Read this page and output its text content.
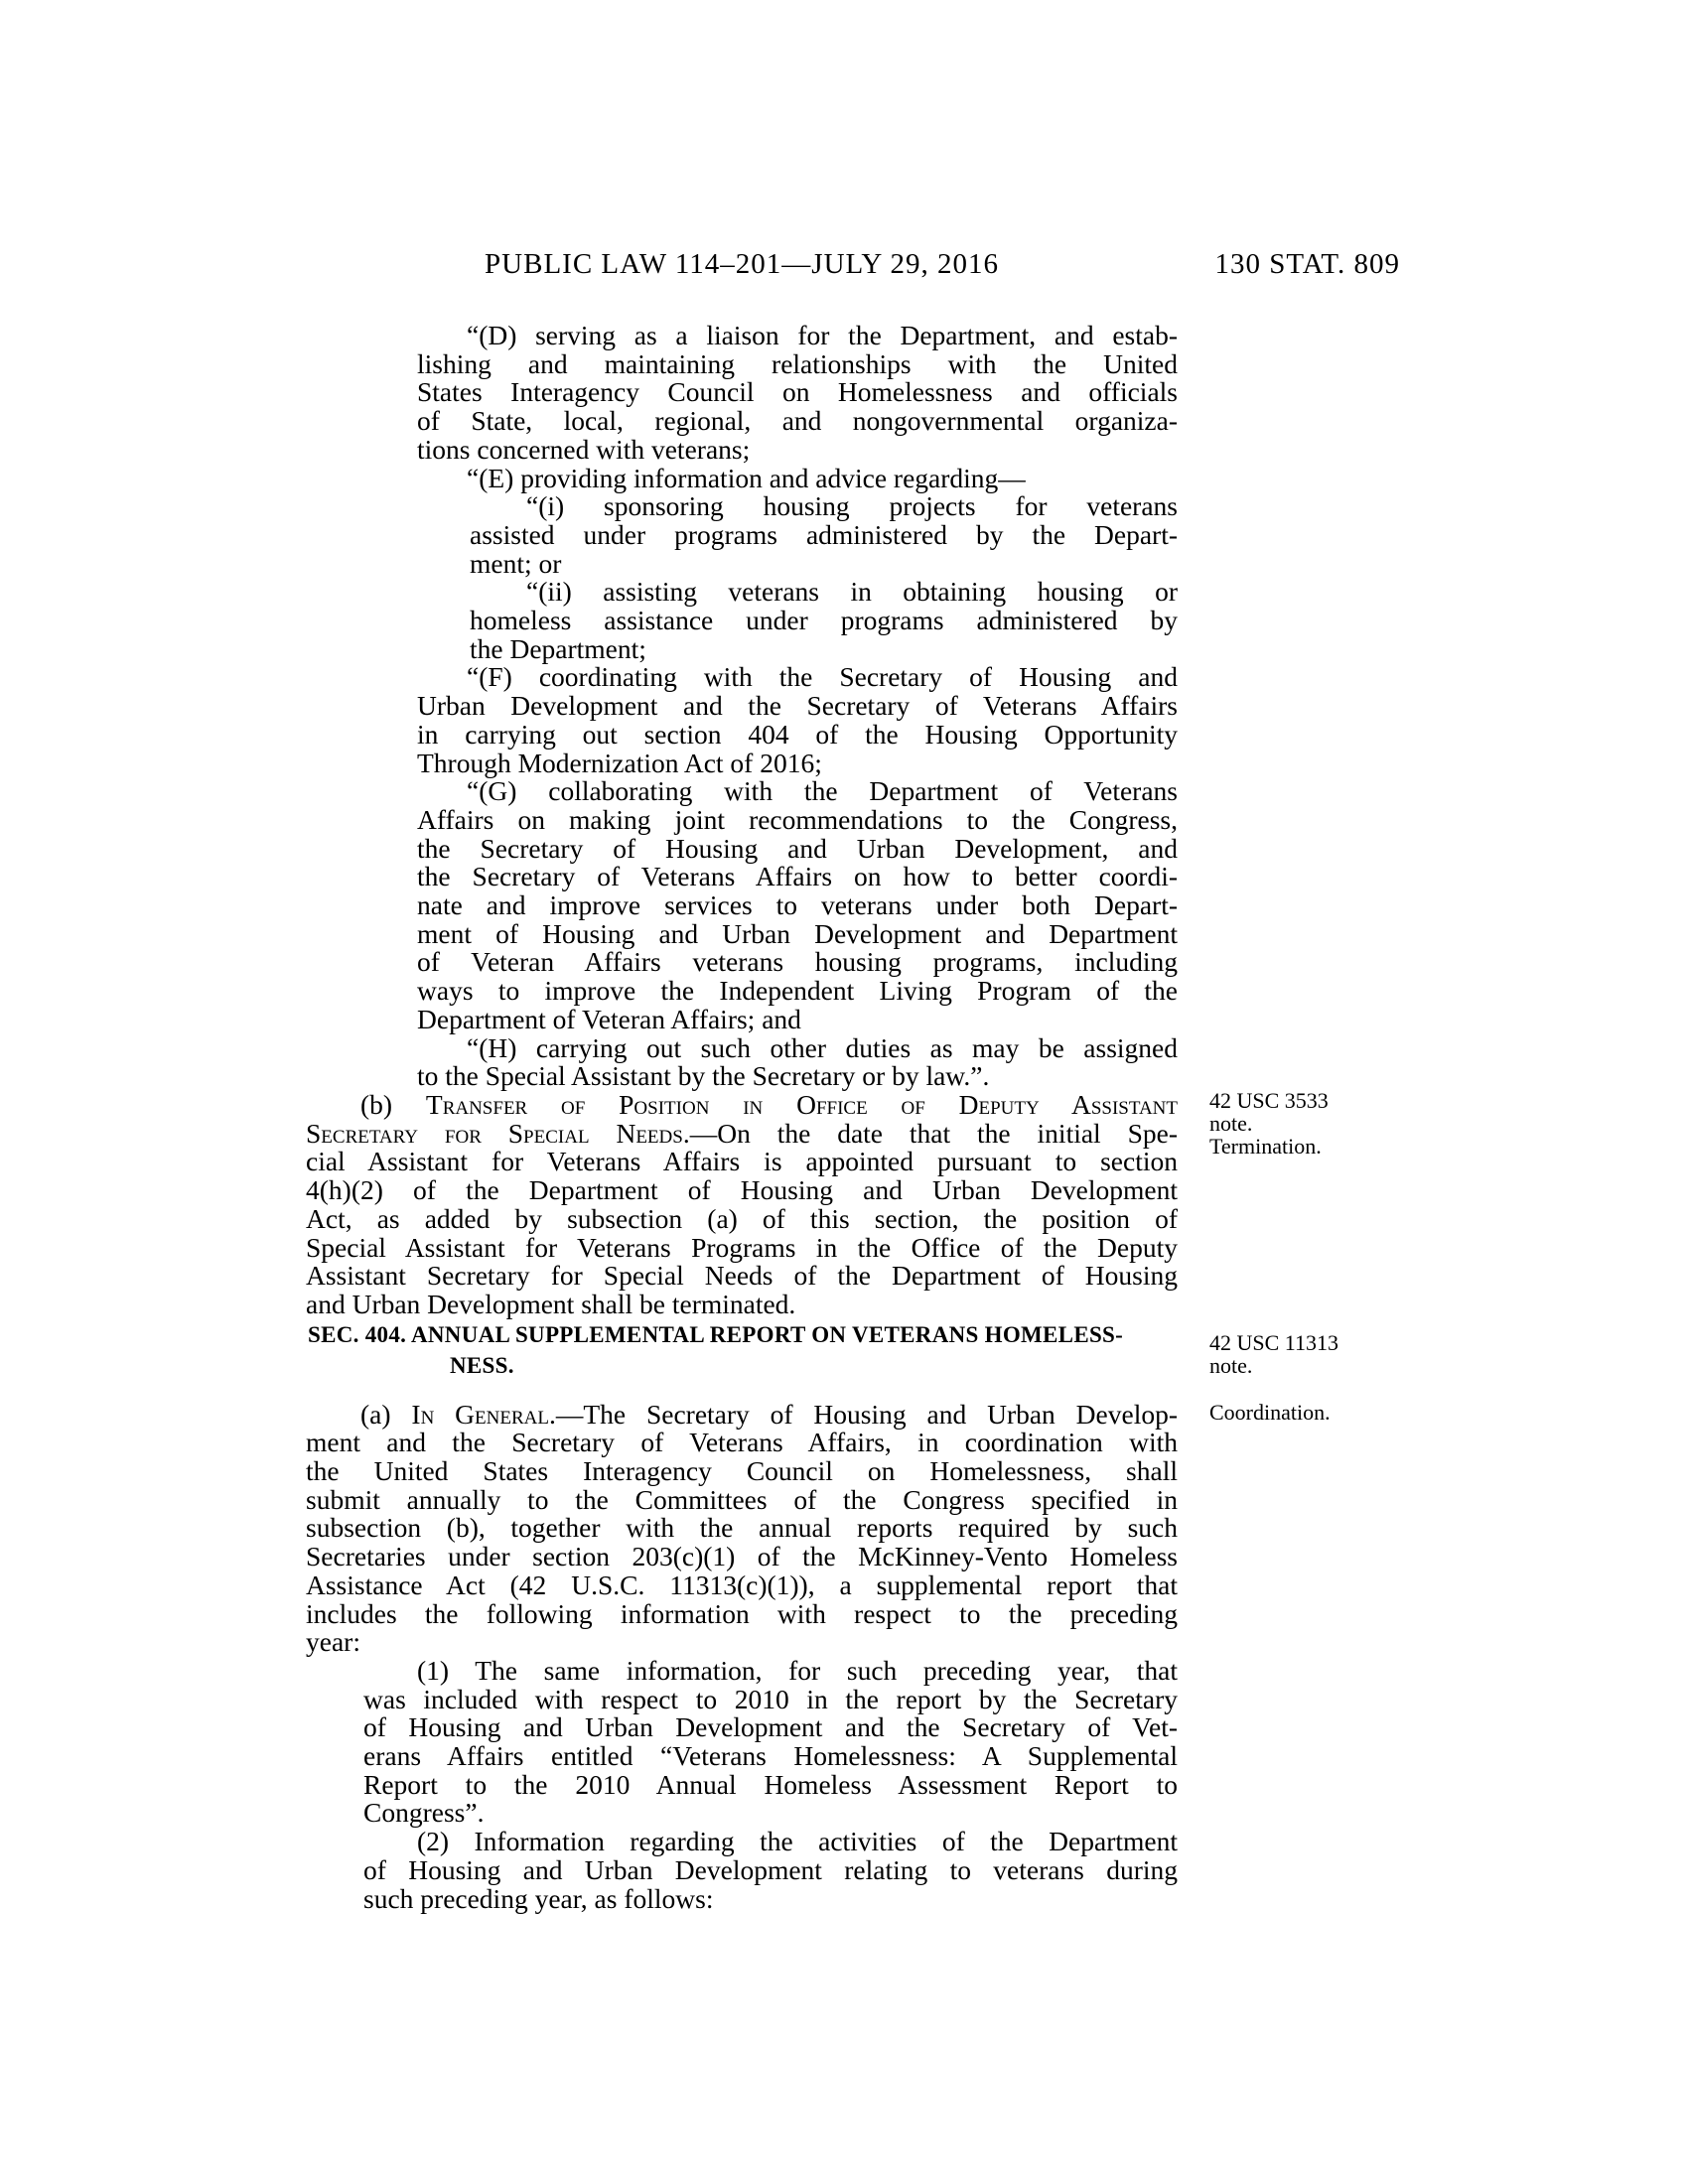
PUBLIC LAW 114–201—JULY 29, 2016	130 STAT. 809
“(D) serving as a liaison for the Department, and estab-
lishing and maintaining relationships with the United
States Interagency Council on Homelessness and officials
of State, local, regional, and nongovernmental organiza-
tions concerned with veterans;
“(E) providing information and advice regarding—
“(i) sponsoring housing projects for veterans
assisted under programs administered by the Depart-
ment; or
“(ii) assisting veterans in obtaining housing or
homeless assistance under programs administered by
the Department;
“(F) coordinating with the Secretary of Housing and
Urban Development and the Secretary of Veterans Affairs
in carrying out section 404 of the Housing Opportunity
Through Modernization Act of 2016;
“(G) collaborating with the Department of Veterans
Affairs on making joint recommendations to the Congress,
the Secretary of Housing and Urban Development, and
the Secretary of Veterans Affairs on how to better coordi-
nate and improve services to veterans under both Depart-
ment of Housing and Urban Development and Department
of Veteran Affairs veterans housing programs, including
ways to improve the Independent Living Program of the
Department of Veteran Affairs; and
“(H) carrying out such other duties as may be assigned
to the Special Assistant by the Secretary or by law.”.
(b) Transfer of Position in Office of Deputy Assistant
Secretary for Special Needs.—On the date that the initial Spe-
cial Assistant for Veterans Affairs is appointed pursuant to section
4(h)(2) of the Department of Housing and Urban Development
Act, as added by subsection (a) of this section, the position of
Special Assistant for Veterans Programs in the Office of the Deputy
Assistant Secretary for Special Needs of the Department of Housing
and Urban Development shall be terminated.
SEC. 404. ANNUAL SUPPLEMENTAL REPORT ON VETERANS HOMELESS-
NESS.
(a) In General.—The Secretary of Housing and Urban Develop-
ment and the Secretary of Veterans Affairs, in coordination with
the United States Interagency Council on Homelessness, shall
submit annually to the Committees of the Congress specified in
subsection (b), together with the annual reports required by such
Secretaries under section 203(c)(1) of the McKinney-Vento Homeless
Assistance Act (42 U.S.C. 11313(c)(1)), a supplemental report that
includes the following information with respect to the preceding
year:
(1) The same information, for such preceding year, that
was included with respect to 2010 in the report by the Secretary
of Housing and Urban Development and the Secretary of Vet-
erans Affairs entitled “Veterans Homelessness: A Supplemental
Report to the 2010 Annual Homeless Assessment Report to
Congress”.
(2) Information regarding the activities of the Department
of Housing and Urban Development relating to veterans during
such preceding year, as follows:
42 USC 3533
note.
Termination.
42 USC 11313
note.
Coordination.
